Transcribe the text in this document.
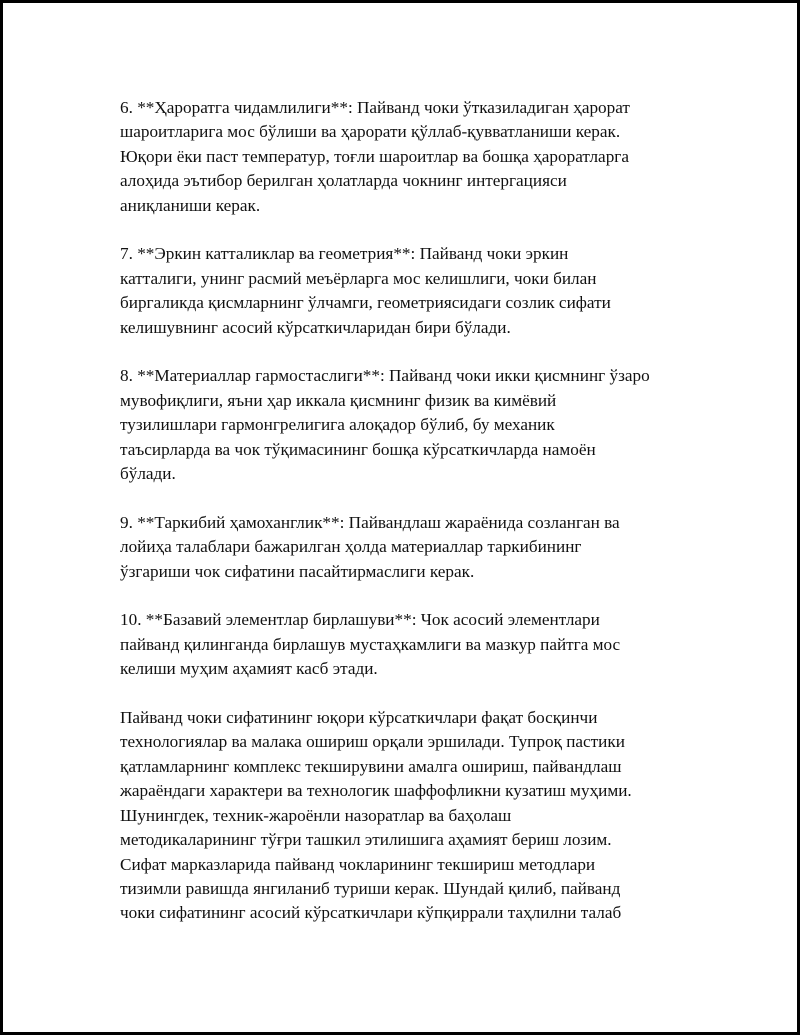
6. **Ҳароратга чидамлилиги**: Пайванд чоки ўтказиладиган ҳарорат
шароитларига мос бўлиши ва ҳарорати қўллаб-қувватланиши керак.
Юқори ёки паст температур, тоғли шароитлар ва бошқа ҳароратларга
алоҳида эътибор берилган ҳолатларда чокнинг интергацияси
аниқланиши керак.

7. **Эркин катталиклар ва геометрия**: Пайванд чоки эркин
катталиги, унинг расмий меъёрларга мос келишлиги, чоки билан
биргаликда қисмларнинг ўлчамги, геометриясидаги созлик сифати
келишувнинг асосий кўрсаткичларидан бири бўлади.

8. **Материаллар гармостаслиги**: Пайванд чоки икки қисмнинг ўзаро
мувофиқлиги, яъни ҳар иккала қисмнинг физик ва кимёвий
тузилишлари гармонгрелигига алоқадор бўлиб, бу механик
таъсирларда ва чок тўқимасининг бошқа кўрсаткичларда намоён
бўлади.

9. **Таркибий ҳамоханглик**: Пайвандлаш жараёнида созланган ва
лойиҳа талаблари бажарилган ҳолда материаллар таркибининг
ўзгариши чок сифатини пасайтирмаслиги керак.

10. **Базавий элементлар бирлашуви**: Чок асосий элементлари
пайванд қилинганда бирлашув мустаҳкамлиги ва мазкур пайтга мос
келиши муҳим аҳамият касб этади.

Пайванд чоки сифатининг юқори кўрсаткичлари фақат босқинчи
технологиялар ва малака ошириш орқали эршилади. Тупроқ пастики
қатламларнинг комплекс текширувини амалга ошириш, пайвандлаш
жараёндаги характери ва технологик шаффофликни кузатиш муҳими.
Шунингдек, техник-жароёнли назоратлар ва баҳолаш
методикаларининг тўғри ташкил этилишига аҳамият бериш лозим.
Сифат марказларида пайванд чокларининг текшириш методлари
тизимли равишда янгиланиб туриши керак. Шундай қилиб, пайванд
чоки сифатининг асосий кўрсаткичлари кўпқиррали таҳлилни талаб
